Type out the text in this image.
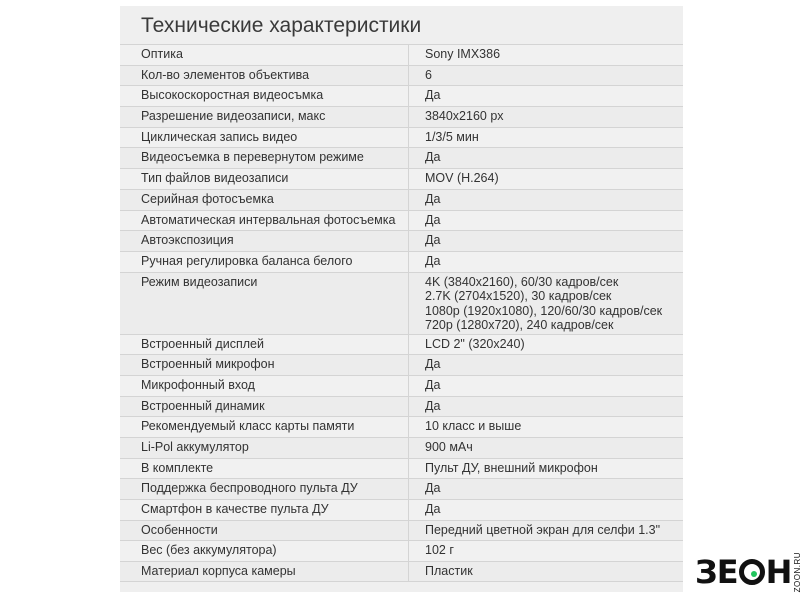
Технические характеристики
Оптика	Sony IMX386
Кол-во элементов объектива	6
Высокоскоростная видеосъмка	Да
Разрешение видеозаписи, макс	3840x2160 px
Циклическая запись видео	1/3/5 мин
Видеосъемка в перевернутом режиме	Да
Тип файлов видеозаписи	MOV (H.264)
Серийная фотосъемка	Да
Автоматическая интервальная фотосъемка Да
Автоэкспозиция	Да
Ручная регулировка баланса белого	Да
Режим видеозаписи	4K (3840x2160), 60/30 кадров/сек
2.7K (2704x1520), 30 кадров/сек
1080p (1920x1080), 120/60/30 кадров/сек
720p (1280x720), 240 кадров/сек
Встроенный дисплей	LCD 2" (320x240)
Встроенный микрофон	Да
Микрофонный вход	Да
Встроенный динамик	Да
Рекомендуемый класс карты памяти	10 класс и выше
Li-Pol аккумулятор	900 мАч
В комплекте	Пульт ДУ, внешний микрофон
Поддержка беспроводного пульта ДУ	Да
Смартфон в качестве пульта ДУ	Да
Особенности	Передний цветной экран для селфи 1.3"
Вес (без аккумулятора)	102 г
Материал корпуса камеры	Пластик	ЗЕ Н ZOON.RU
